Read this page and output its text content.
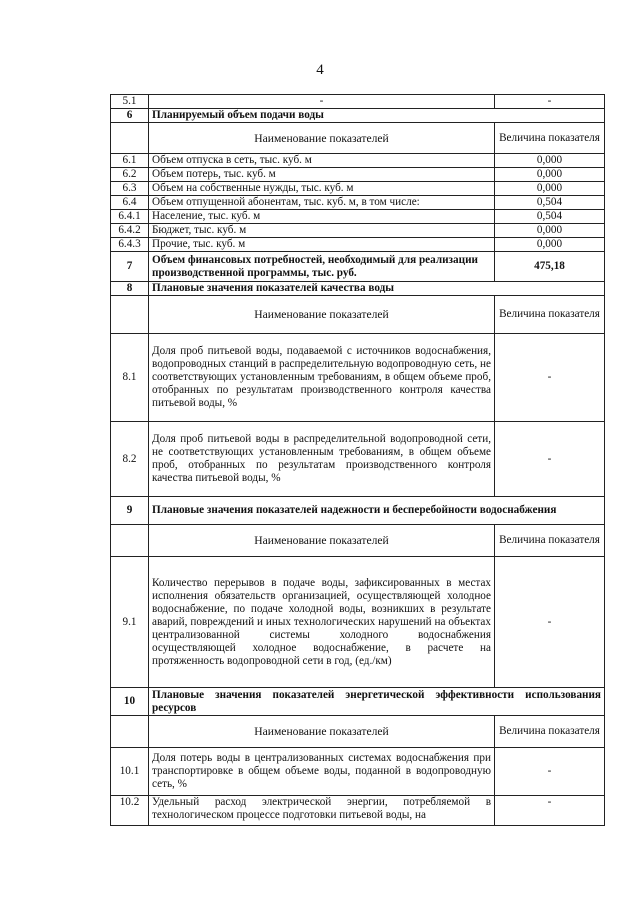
4
5.1	-	-
6	Планируемый объем подачи воды	
	Наименование показателей	Величина показателя
6.1	Объем отпуска в сеть, тыс. куб. м	0,000
6.2	Объем потерь, тыс. куб. м	0,000
6.3	Объем на собственные нужды, тыс. куб. м	0,000
6.4	Объем отпущенной абонентам, тыс. куб. м, в том числе:	0,504
6.4.1	Население, тыс. куб. м	0,504
6.4.2	Бюджет, тыс. куб. м	0,000
6.4.3	Прочие, тыс. куб. м	0,000
7	Объем финансовых потребностей, необходимый для реализации производственной программы, тыс. руб.	475,18
8	Плановые значения показателей качества воды	
	Наименование показателей	Величина показателя
8.1	Доля проб питьевой воды, подаваемой с источников водоснабжения, водопроводных станций в распределительную водопроводную сеть, не соответствующих установленным требованиям, в общем объеме проб, отобранных по результатам производственного контроля качества питьевой воды, %	-
8.2	Доля проб питьевой воды в распределительной водопроводной сети, не соответствующих установленным требованиям, в общем объеме проб, отобранных по результатам производственного контроля качества питьевой воды, %	-
9	Плановые значения показателей надежности и бесперебойности водоснабжения	
	Наименование показателей	Величина показателя
9.1	Количество перерывов в подаче воды, зафиксированных в местах исполнения обязательств организацией, осуществляющей холодное водоснабжение, по подаче холодной воды, возникших в результате аварий, повреждений и иных технологических нарушений на объектах централизованной системы холодного водоснабжения осуществляющей холодное водоснабжение, в расчете на протяженность водопроводной сети в год, (ед./км)	-
10	Плановые значения показателей энергетической эффективности использования ресурсов	
	Наименование показателей	Величина показателя
10.1	Доля потерь воды в централизованных системах водоснабжения при транспортировке в общем объеме воды, поданной в водопроводную сеть, %	-
10.2	Удельный расход электрической энергии, потребляемой в технологическом процессе подготовки питьевой воды, на	-
